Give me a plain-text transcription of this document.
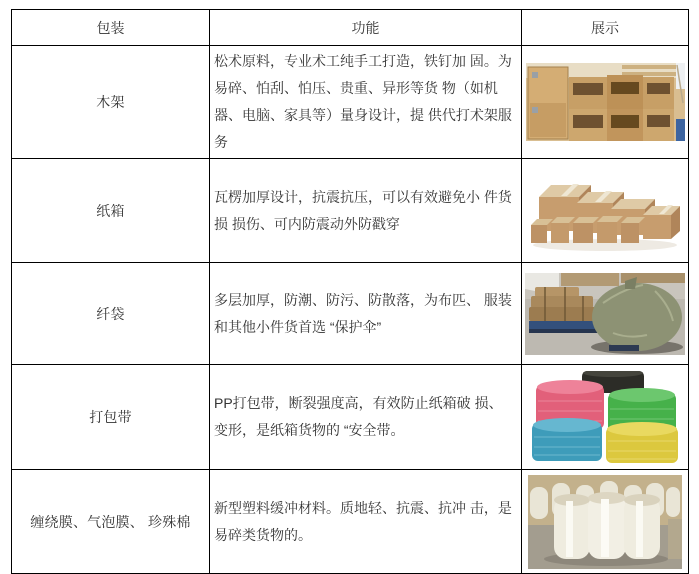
包装	功能	展示
木架	松术原料，专业术工纯手工打造，铁钉加 固。为易碎、怕刮、怕压、贵重、异形等货 物（如机器、电脑、家具等）量身设计，提 供代打术架服务	

纸箱	瓦楞加厚设计，抗震抗压，可以有效避免小 件货损 损伤、可内防震动外防戳穿	

纤袋	多层加厚，防潮、防污、防散落，为布匹、 服装和其他小件货首选 “保护伞”	

打包带	PP打包带，断裂强度高，有效防止纸箱破 损、变形，是纸箱货物的 “安全带。	

缠绕膜、气泡膜、 珍殊棉	新型塑料缓冲材料。质地轻、抗震、抗冲 击，是易碎类货物的。	
